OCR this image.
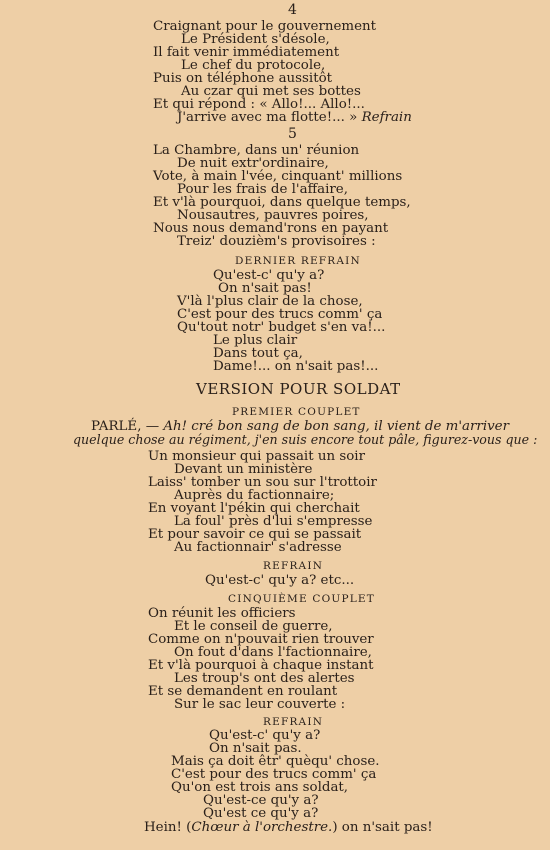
4
Craignant pour le gouvernement
Le Président s'désole,
Il fait venir immédiatement
Le chef du protocole,
Puis on téléphone aussitôt
Au czar qui met ses bottes
Et qui répond : « Allo!... Allo!...
J'arrive avec ma flotte!... » Refrain
5
La Chambre, dans un' réunion
De nuit extr'ordinaire,
Vote, à main l'vée, cinquant' millions
Pour les frais de l'affaire,
Et v'là pourquoi, dans quelque temps,
Nousautres, pauvres poires,
Nous nous demand'rons en payant
Treiz' douzièm's provisoires :
DERNIER REFRAIN
Qu'est-c' qu'y a?
On n'sait pas!
V'là l'plus clair de la chose,
C'est pour des trucs comm' ça
Qu'tout notr' budget s'en va!...
Le plus clair
Dans tout ça,
Dame!... on n'sait pas!...
VERSION POUR SOLDAT
PREMIER COUPLET
PARLÉ, — Ah! cré bon sang de bon sang, il vient de m'arriver
quelque chose au régiment, j'en suis encore tout pâle, figurez-vous que :
Un monsieur qui passait un soir
Devant un ministère
Laiss' tomber un sou sur l'trottoir
Auprès du factionnaire;
En voyant l'pékin qui cherchait
La foul' près d'lui s'empresse
Et pour savoir ce qui se passait
Au factionnair' s'adresse
REFRAIN
Qu'est-c' qu'y a? etc...
CINQUIÈME COUPLET
On réunit les officiers
Et le conseil de guerre,
Comme on n'pouvait rien trouver
On fout d'dans l'factionnaire,
Et v'là pourquoi à chaque instant
Les troup's ont des alertes
Et se demandent en roulant
Sur le sac leur couverte :
REFRAIN
Qu'est-c' qu'y a?
On n'sait pas.
Mais ça doit êtr' quèqu' chose.
C'est pour des trucs comm' ça
Qu'on est trois ans soldat,
Qu'est-ce qu'y a?
Qu'est ce qu'y a?
Hein! (Chœur à l'orchestre.) on n'sait pas!
